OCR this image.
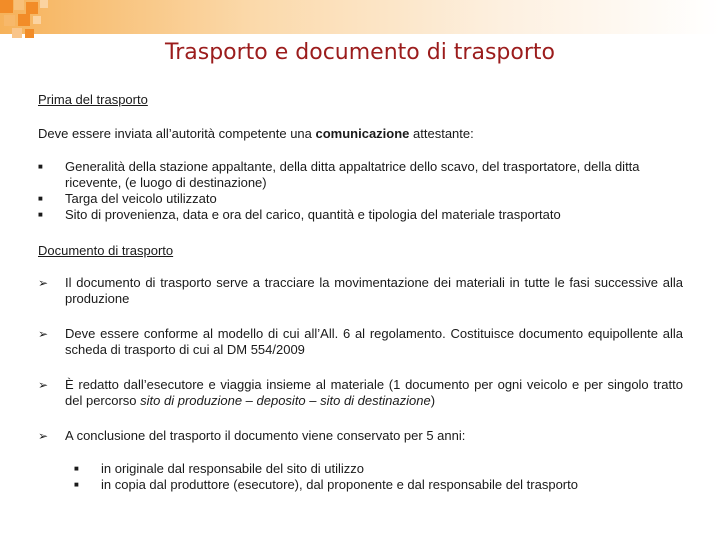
Trasporto e documento di trasporto

Prima del trasporto

Deve essere inviata all’autorità competente una comunicazione attestante:

■	Generalità della stazione appaltante, della ditta appaltatrice dello scavo, del trasportatore, della ditta ricevente, (e luogo di destinazione)
■	Targa del veicolo utilizzato
■	Sito di provenienza, data e ora del carico, quantità e tipologia del materiale trasportato

Documento di trasporto

➢	Il documento di trasporto serve a tracciare la movimentazione dei materiali in tutte le fasi successive alla produzione
➢	Deve essere conforme al modello di cui all’All. 6 al regolamento. Costituisce documento equipollente alla scheda di trasporto di cui al DM 554/2009
➢	È redatto dall’esecutore e viaggia insieme al materiale (1 documento per ogni veicolo e per singolo tratto del percorso sito di produzione – deposito – sito di destinazione)
➢	A conclusione del trasporto il documento viene conservato per 5 anni:
■	in originale dal responsabile del sito di utilizzo
■	in copia dal produttore (esecutore), dal proponente e dal responsabile del trasporto
